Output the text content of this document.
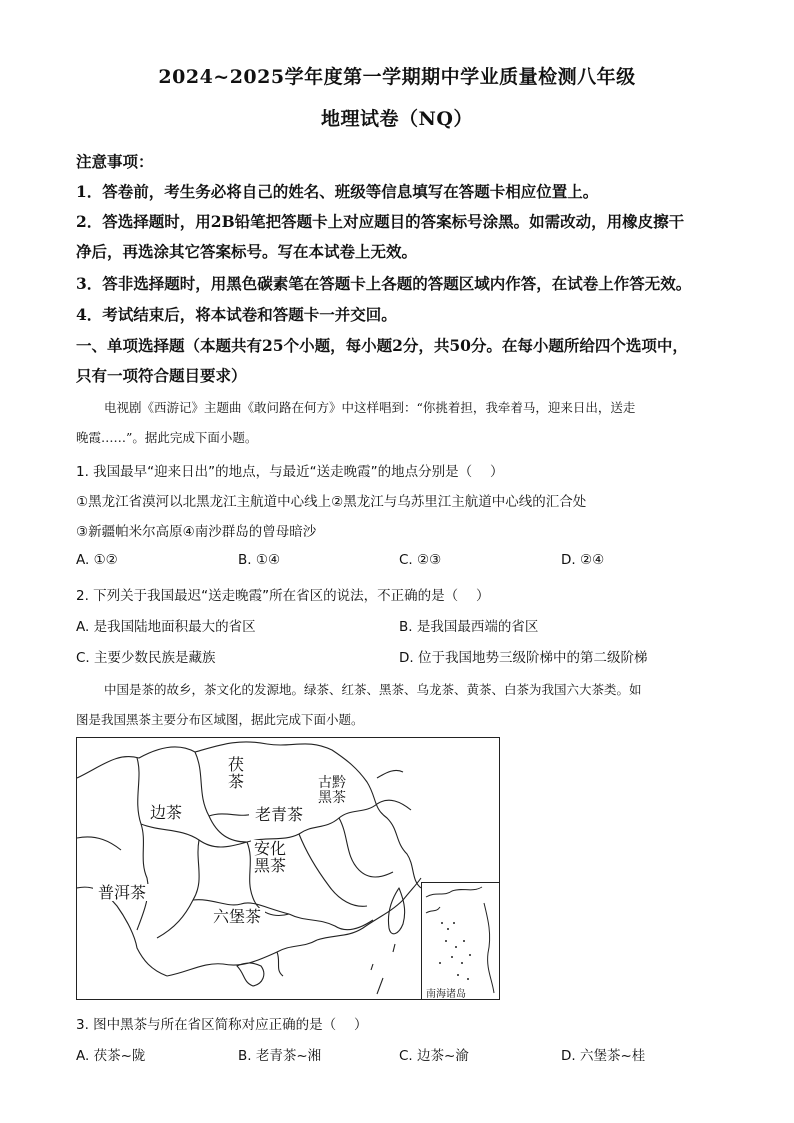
2024~2025学年度第一学期期中学业质量检测八年级
地理试卷（NQ）
注意事项：
1．答卷前，考生务必将自己的姓名、班级等信息填写在答题卡相应位置上。
2．答选择题时，用2B铅笔把答题卡上对应题目的答案标号涂黑。如需改动，用橡皮擦干
净后，再选涂其它答案标号。写在本试卷上无效。
3．答非选择题时，用黑色碳素笔在答题卡上各题的答题区域内作答，在试卷上作答无效。
4．考试结束后，将本试卷和答题卡一并交回。
一、单项选择题（本题共有25个小题，每小题2分，共50分。在每小题所给四个选项中，
只有一项符合题目要求）
电视剧《西游记》主题曲《敢问路在何方》中这样唱到：“你挑着担，我牵着马，迎来日出，送走
晚霞……”。据此完成下面小题。
1. 我国最早“迎来日出”的地点，与最近“送走晚霞”的地点分别是（　 ）
①黑龙江省漠河以北黑龙江主航道中心线上②黑龙江与乌苏里江主航道中心线的汇合处
③新疆帕米尔高原④南沙群岛的曾母暗沙
A. ①②	B. ①④	C. ②③	D. ②④
2. 下列关于我国最迟“送走晚霞”所在省区的说法，不正确的是（　 ）
A. 是我国陆地面积最大的省区	B. 是我国最西端的省区
C. 主要少数民族是藏族	D. 位于我国地势三级阶梯中的第二级阶梯
中国是茶的故乡，茶文化的发源地。绿茶、红茶、黑茶、乌龙茶、黄茶、白茶为我国六大茶类。如
图是我国黑茶主要分布区域图，据此完成下面小题。
茯
茶	古黔
黑茶
边茶	老青茶
安化
黑茶
普洱茶
六堡茶
南海诸岛
3. 图中黑茶与所在省区简称对应正确的是（　 ）
A. 茯茶~陇	B. 老青茶~湘	C. 边茶~渝	D. 六堡茶~桂
